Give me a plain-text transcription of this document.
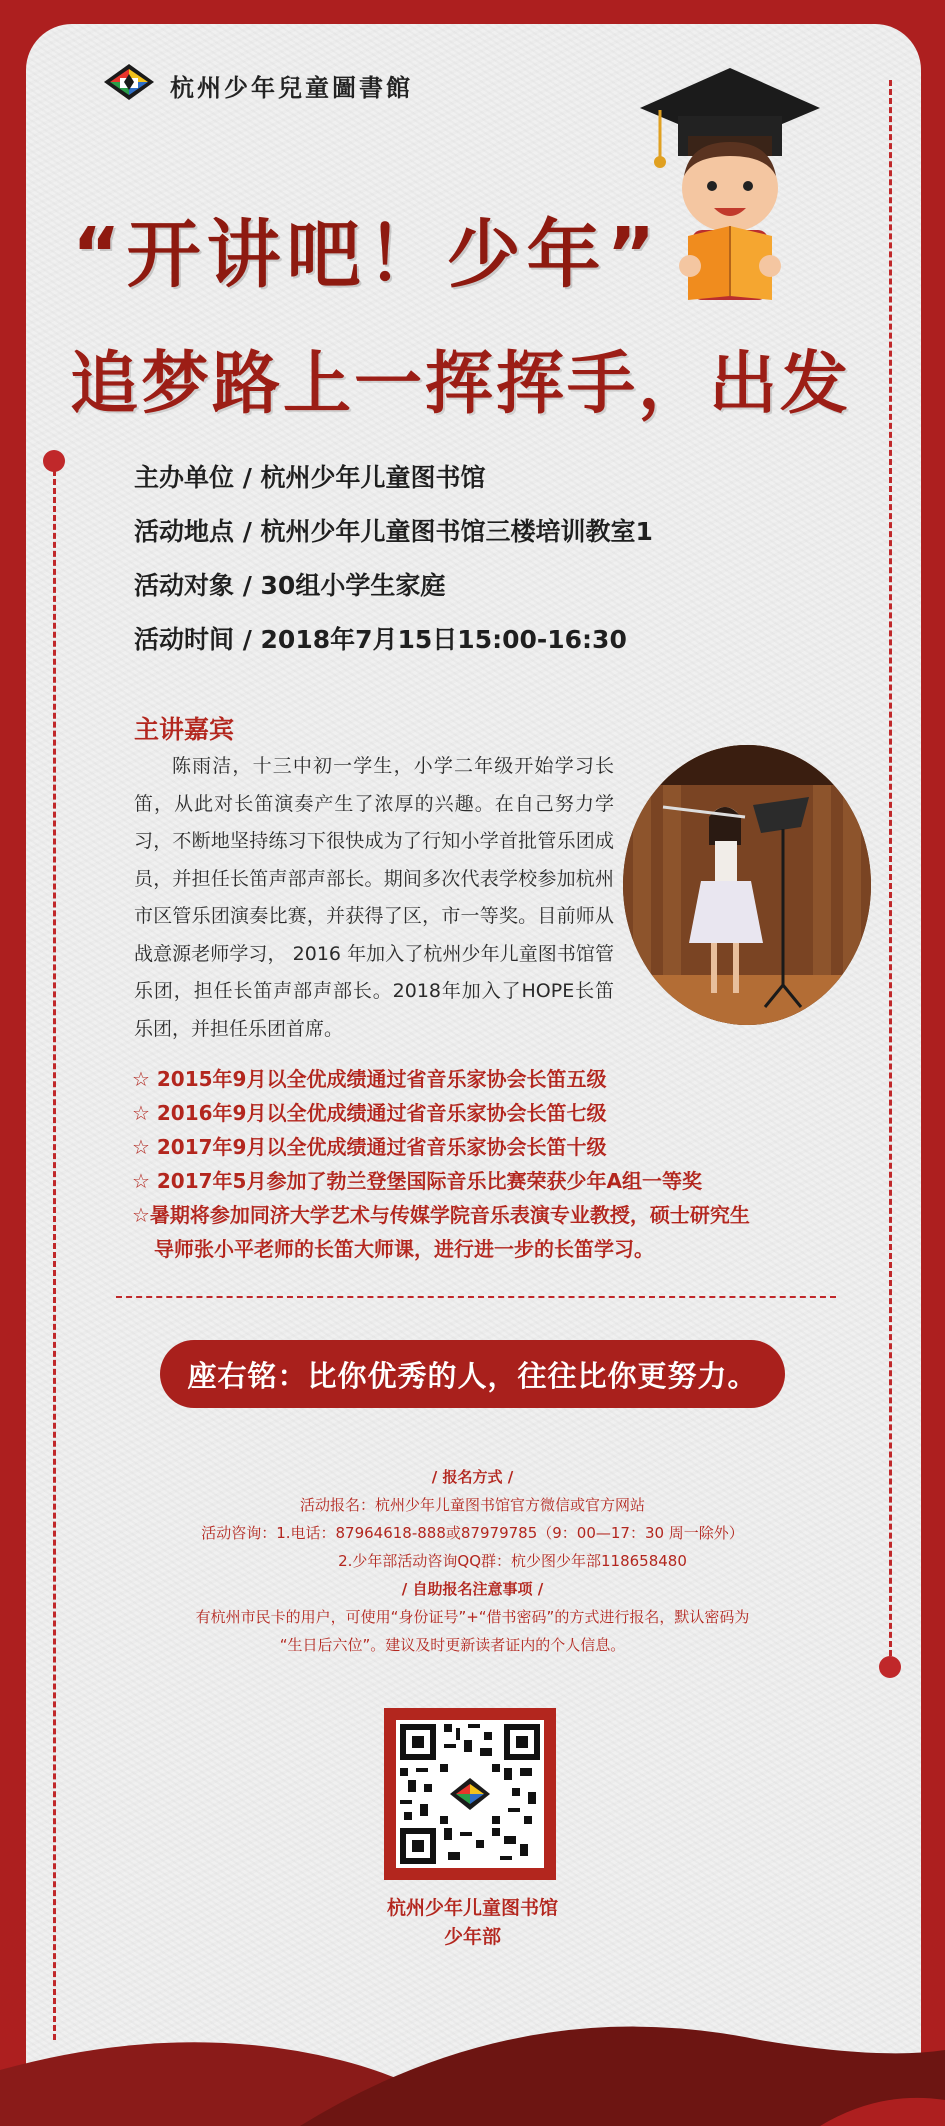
杭州少年兒童圖書館
“开讲吧！少年”
追梦路上一挥挥手，出发
主办单位 / 杭州少年儿童图书馆
活动地点 / 杭州少年儿童图书馆三楼培训教室1
活动对象 / 30组小学生家庭
活动时间 / 2018年7月15日15:00-16:30
主讲嘉宾
陈雨洁，十三中初一学生，小学二年级开始学习长笛，从此对长笛演奏产生了浓厚的兴趣。在自己努力学习，不断地坚持练习下很快成为了行知小学首批管乐团成员，并担任长笛声部声部长。期间多次代表学校参加杭州市区管乐团演奏比赛，并获得了区，市一等奖。目前师从战意源老师学习， 2016 年加入了杭州少年儿童图书馆管乐团，担任长笛声部声部长。2018年加入了HOPE长笛乐团，并担任乐团首席。
☆ 2015年9月以全优成绩通过省音乐家协会长笛五级
☆ 2016年9月以全优成绩通过省音乐家协会长笛七级
☆ 2017年9月以全优成绩通过省音乐家协会长笛十级
☆ 2017年5月参加了勃兰登堡国际音乐比赛荣获少年A组一等奖
☆暑期将参加同济大学艺术与传媒学院音乐表演专业教授，硕士研究生
导师张小平老师的长笛大师课，进行进一步的长笛学习。
座右铭：比你优秀的人，往往比你更努力。
/ 报名方式 /
活动报名：杭州少年儿童图书馆官方微信或官方网站
活动咨询：1.电话：87964618-888或87979785（9：00—17：30 周一除外）
2.少年部活动咨询QQ群：杭少图少年部118658480
/ 自助报名注意事项 /
有杭州市民卡的用户，可使用“身份证号”+“借书密码”的方式进行报名，默认密码为
“生日后六位”。建议及时更新读者证内的个人信息。
杭州少年儿童图书馆
少年部
